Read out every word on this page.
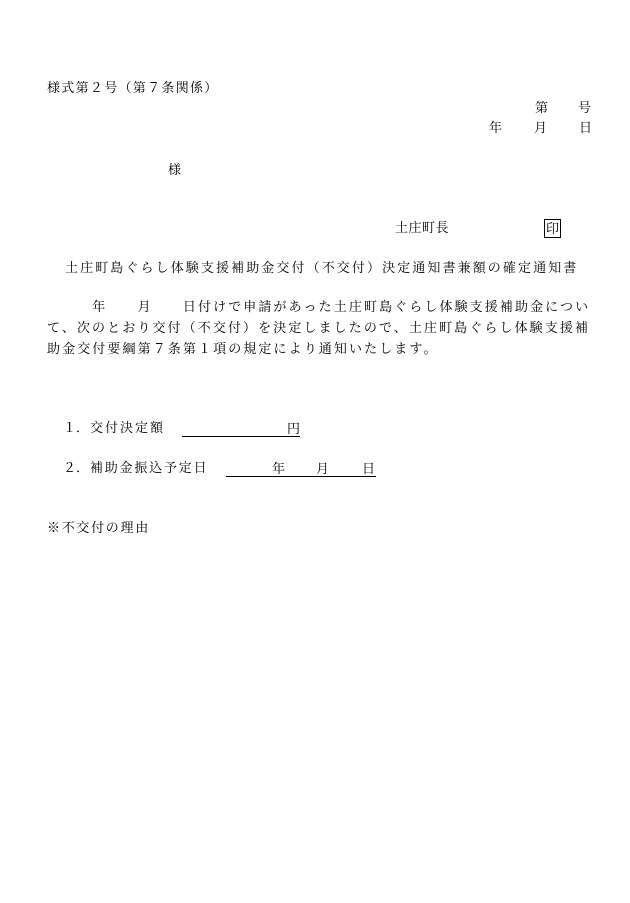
様式第２号（第７条関係）
第 号
年 月 日
様
土庄町長	印
土庄町島ぐらし体験支援補助金交付（不交付）決定通知書兼額の確定通知書
　　　年　　月　　日付けで申請があった土庄町島ぐらし体験支援補助金につい
て、次のとおり交付（不交付）を決定しましたので、土庄町島ぐらし体験支援補
助金交付要綱第７条第１項の規定により通知いたします。
１． 交付決定額	円
２． 補助金振込予定日	年 月	日
※不交付の理由
